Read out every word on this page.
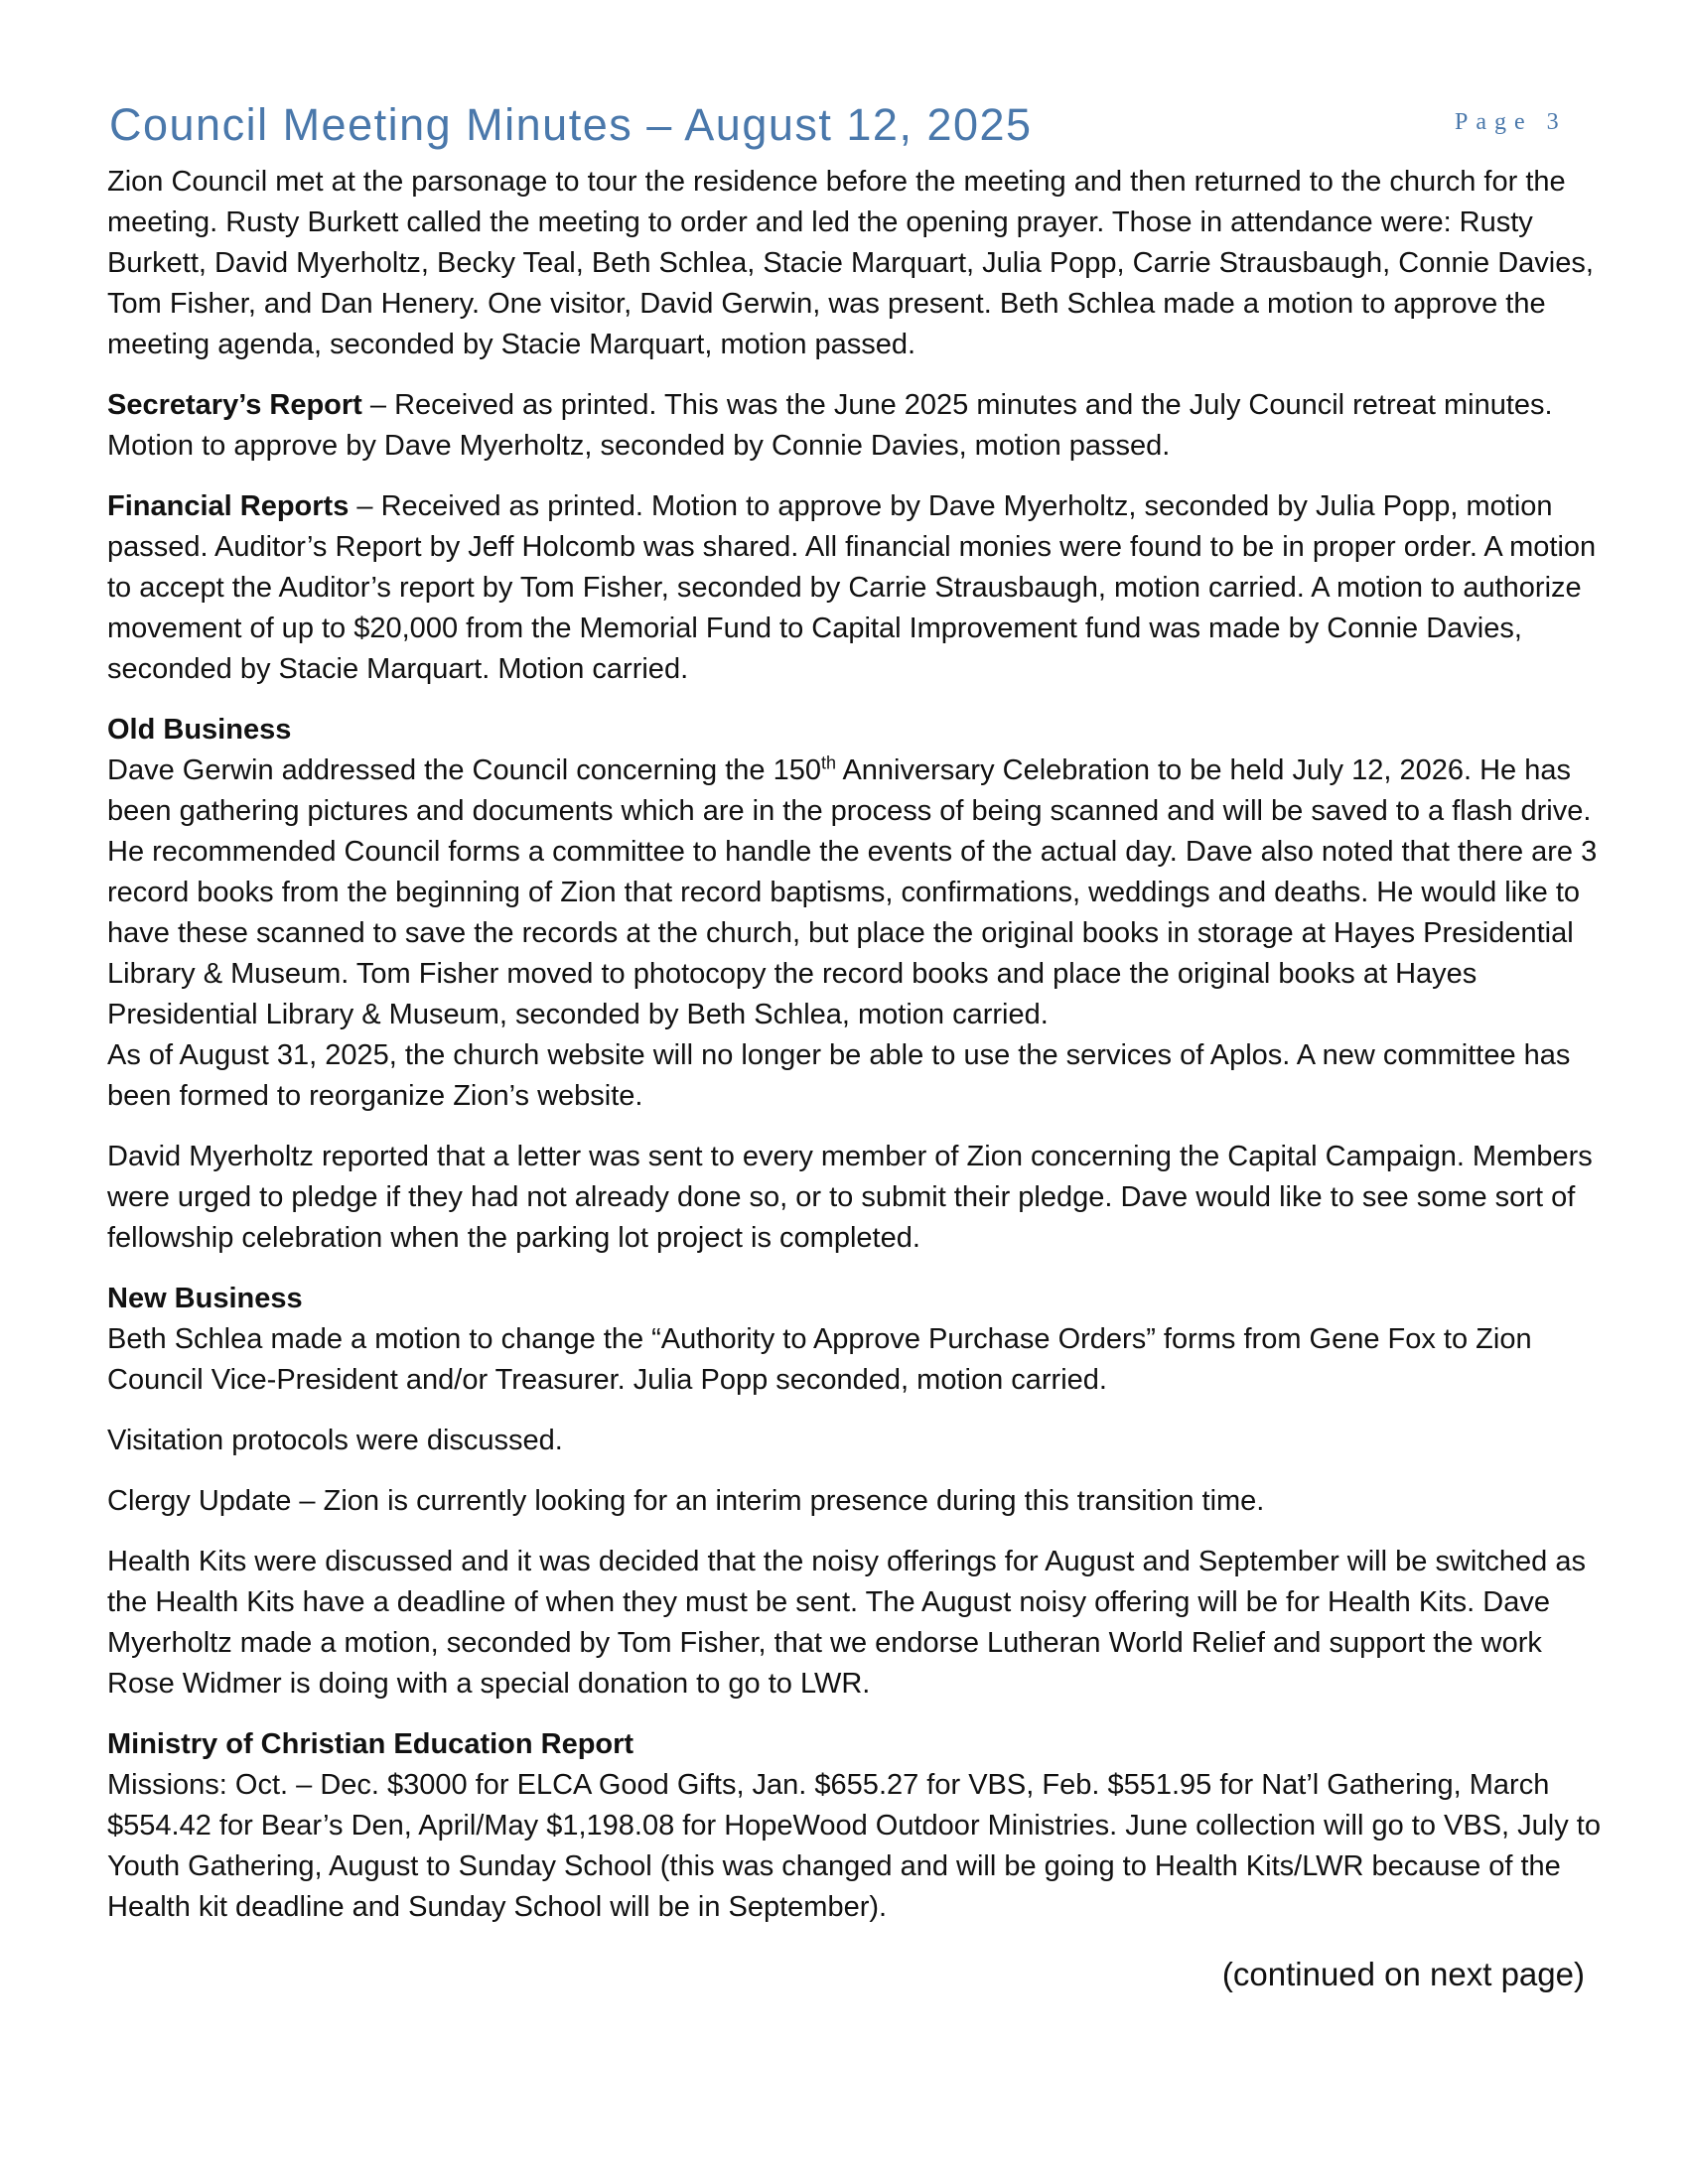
Council Meeting Minutes – August 12, 2025	Page 3

Zion Council met at the parsonage to tour the residence before the meeting and then returned to the church for the meeting. Rusty Burkett called the meeting to order and led the opening prayer. Those in attendance were: Rusty Burkett, David Myerholtz, Becky Teal, Beth Schlea, Stacie Marquart, Julia Popp, Carrie Strausbaugh, Connie Davies, Tom Fisher, and Dan Henery. One visitor, David Gerwin, was present. Beth Schlea made a motion to approve the meeting agenda, seconded by Stacie Marquart, motion passed.

Secretary’s Report – Received as printed. This was the June 2025 minutes and the July Council retreat minutes. Motion to approve by Dave Myerholtz, seconded by Connie Davies, motion passed.

Financial Reports – Received as printed. Motion to approve by Dave Myerholtz, seconded by Julia Popp, motion passed. Auditor’s Report by Jeff Holcomb was shared. All financial monies were found to be in proper order. A motion to accept the Auditor’s report by Tom Fisher, seconded by Carrie Strausbaugh, motion carried. A motion to authorize movement of up to $20,000 from the Memorial Fund to Capital Improvement fund was made by Connie Davies, seconded by Stacie Marquart. Motion carried.

Old Business

Dave Gerwin addressed the Council concerning the 150th Anniversary Celebration to be held July 12, 2026. He has been gathering pictures and documents which are in the process of being scanned and will be saved to a flash drive. He recommended Council forms a committee to handle the events of the actual day. Dave also noted that there are 3 record books from the beginning of Zion that record baptisms, confirmations, weddings and deaths. He would like to have these scanned to save the records at the church, but place the original books in storage at Hayes Presidential Library & Museum. Tom Fisher moved to photocopy the record books and place the original books at Hayes Presidential Library & Museum, seconded by Beth Schlea, motion carried.

As of August 31, 2025, the church website will no longer be able to use the services of Aplos. A new committee has been formed to reorganize Zion’s website.

David Myerholtz reported that a letter was sent to every member of Zion concerning the Capital Campaign. Members were urged to pledge if they had not already done so, or to submit their pledge. Dave would like to see some sort of fellowship celebration when the parking lot project is completed.

New Business

Beth Schlea made a motion to change the “Authority to Approve Purchase Orders” forms from Gene Fox to Zion Council Vice-President and/or Treasurer. Julia Popp seconded, motion carried.

Visitation protocols were discussed.

Clergy Update – Zion is currently looking for an interim presence during this transition time.

Health Kits were discussed and it was decided that the noisy offerings for August and September will be switched as the Health Kits have a deadline of when they must be sent. The August noisy offering will be for Health Kits. Dave Myerholtz made a motion, seconded by Tom Fisher, that we endorse Lutheran World Relief and support the work Rose Widmer is doing with a special donation to go to LWR.

Ministry of Christian Education Report

Missions: Oct. – Dec. $3000 for ELCA Good Gifts, Jan. $655.27 for VBS, Feb. $551.95 for Nat’l Gathering, March $554.42 for Bear’s Den, April/May $1,198.08 for HopeWood Outdoor Ministries. June collection will go to VBS, July to Youth Gathering, August to Sunday School (this was changed and will be going to Health Kits/LWR because of the Health kit deadline and Sunday School will be in September).

(continued on next page)
